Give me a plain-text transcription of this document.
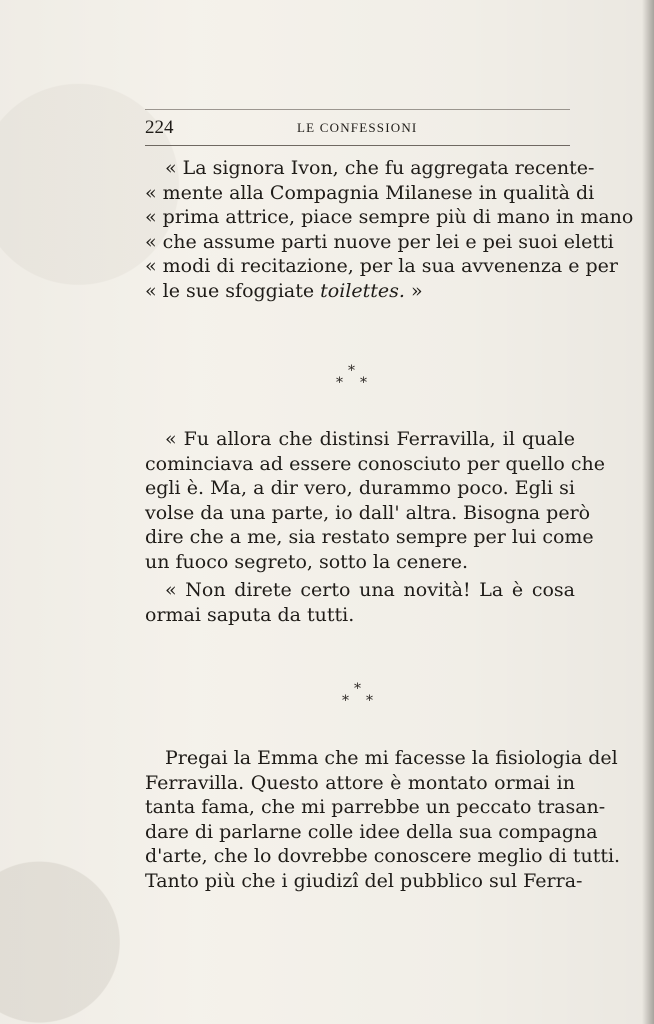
224	LE CONFESSIONI
« La signora Ivon, che fu aggregata recente-
« mente alla Compagnia Milanese in qualità di
« prima attrice, piace sempre più di mano in mano
« che assume parti nuove per lei e pei suoi eletti
« modi di recitazione, per la sua avvenenza e per
« le sue sfoggiate toilettes. »
*
* *
« Fu allora che distinsi Ferravilla, il quale
cominciava ad essere conosciuto per quello che
egli è. Ma, a dir vero, durammo poco. Egli si
volse da una parte, io dall' altra. Bisogna però
dire che a me, sia restato sempre per lui come
un fuoco segreto, sotto la cenere.
« Non direte certo una novità! La è cosa
ormai saputa da tutti.
*
* *
Pregai la Emma che mi facesse la fisiologia del
Ferravilla. Questo attore è montato ormai in
tanta fama, che mi parrebbe un peccato trasan-
dare di parlarne colle idee della sua compagna
d'arte, che lo dovrebbe conoscere meglio di tutti.
Tanto più che i giudizî del pubblico sul Ferra-
